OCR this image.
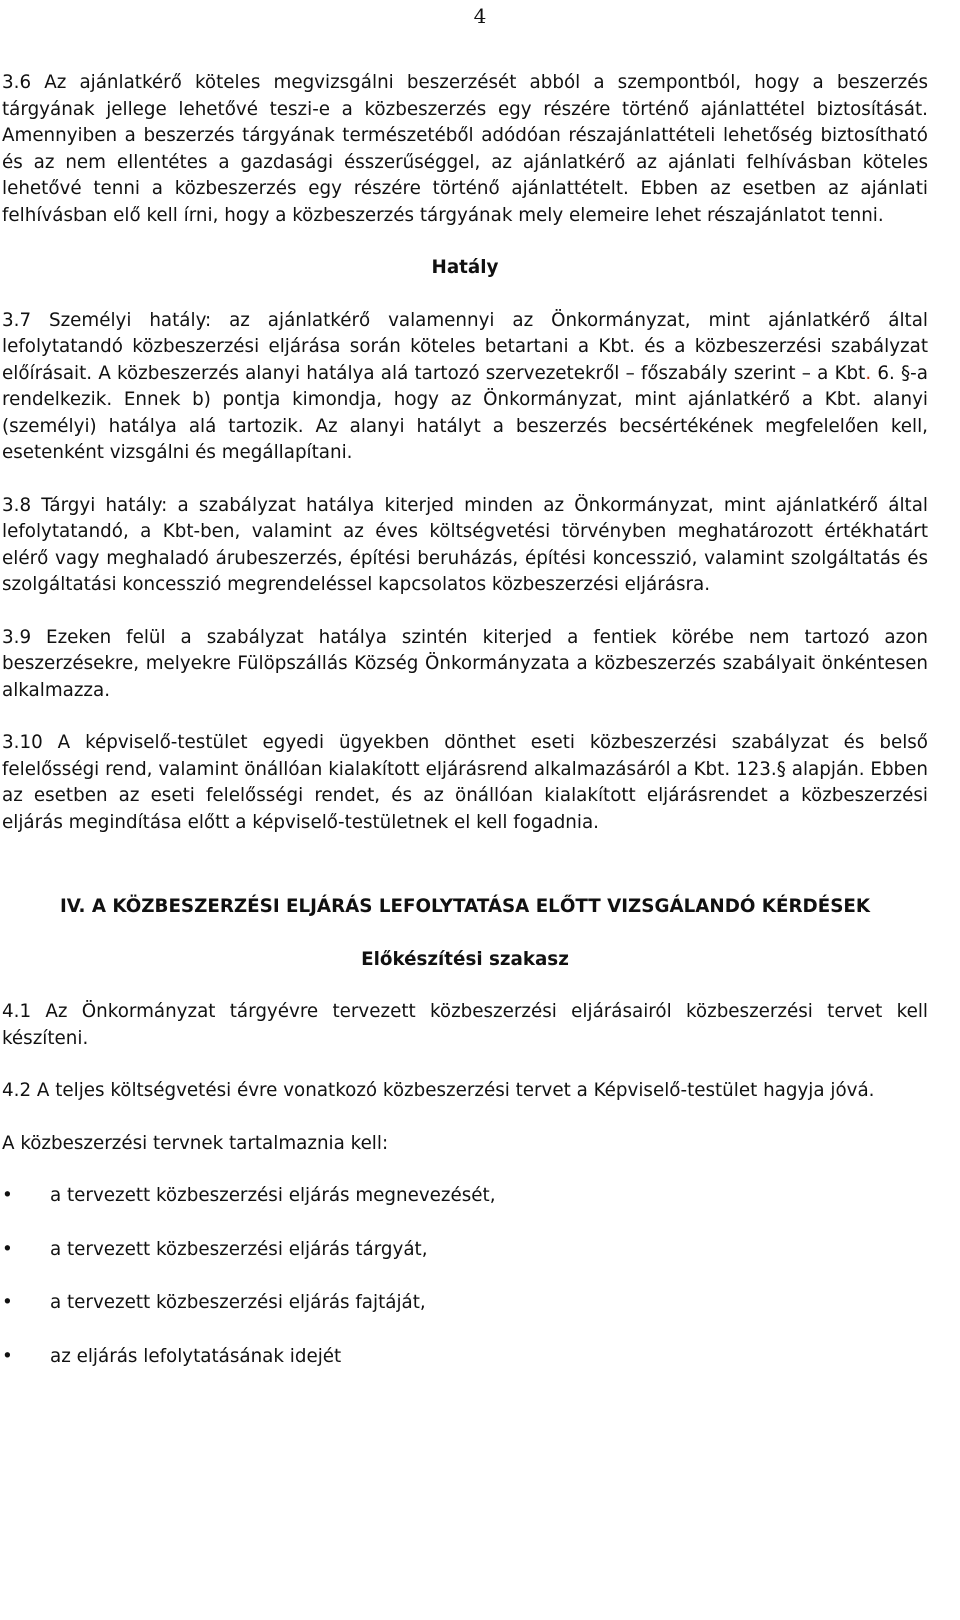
4

3.6 Az ajánlatkérő köteles megvizsgálni beszerzését abból a szempontból, hogy a beszerzés tárgyának jellege lehetővé teszi-e a közbeszerzés egy részére történő ajánlattétel biztosítását. Amennyiben a beszerzés tárgyának természetéből adódóan részajánlattételi lehetőség biztosítható és az nem ellentétes a gazdasági ésszerűséggel, az ajánlatkérő az ajánlati felhívásban köteles lehetővé tenni a közbeszerzés egy részére történő ajánlattételt. Ebben az esetben az ajánlati felhívásban elő kell írni, hogy a közbeszerzés tárgyának mely elemeire lehet részajánlatot tenni.

Hatály

3.7 Személyi hatály: az ajánlatkérő valamennyi az Önkormányzat, mint ajánlatkérő által lefolytatandó közbeszerzési eljárása során köteles betartani a Kbt. és a közbeszerzési szabályzat előírásait. A közbeszerzés alanyi hatálya alá tartozó szervezetekről – főszabály szerint – a Kbt. 6. §-a rendelkezik. Ennek b) pontja kimondja, hogy az Önkormányzat, mint ajánlatkérő a Kbt. alanyi (személyi) hatálya alá tartozik. Az alanyi hatályt a beszerzés becsértékének megfelelően kell, esetenként vizsgálni és megállapítani.

3.8 Tárgyi hatály: a szabályzat hatálya kiterjed minden az Önkormányzat, mint ajánlatkérő által lefolytatandó, a Kbt-ben, valamint az éves költségvetési törvényben meghatározott értékhatárt elérő vagy meghaladó árubeszerzés, építési beruházás, építési koncesszió, valamint szolgáltatás és szolgáltatási koncesszió megrendeléssel kapcsolatos közbeszerzési eljárásra.

3.9 Ezeken felül a szabályzat hatálya szintén kiterjed a fentiek körébe nem tartozó azon beszerzésekre, melyekre Fülöpszállás Község Önkormányzata a közbeszerzés szabályait önkéntesen alkalmazza.

3.10 A képviselő-testület egyedi ügyekben dönthet eseti közbeszerzési szabályzat és belső felelősségi rend, valamint önállóan kialakított eljárásrend alkalmazásáról a Kbt. 123.§ alapján. Ebben az esetben az eseti felelősségi rendet, és az önállóan kialakított eljárásrendet a közbeszerzési eljárás megindítása előtt a képviselő-testületnek el kell fogadnia.

IV. A KÖZBESZERZÉSI ELJÁRÁS LEFOLYTATÁSA ELŐTT VIZSGÁLANDÓ KÉRDÉSEK
Előkészítési szakasz

4.1 Az Önkormányzat tárgyévre tervezett közbeszerzési eljárásairól közbeszerzési tervet kell készíteni.

4.2 A teljes költségvetési évre vonatkozó közbeszerzési tervet a Képviselő-testület hagyja jóvá.

A közbeszerzési tervnek tartalmaznia kell:

• a tervezett közbeszerzési eljárás megnevezését,
• a tervezett közbeszerzési eljárás tárgyát,
• a tervezett közbeszerzési eljárás fajtáját,
• az eljárás lefolytatásának idejét
